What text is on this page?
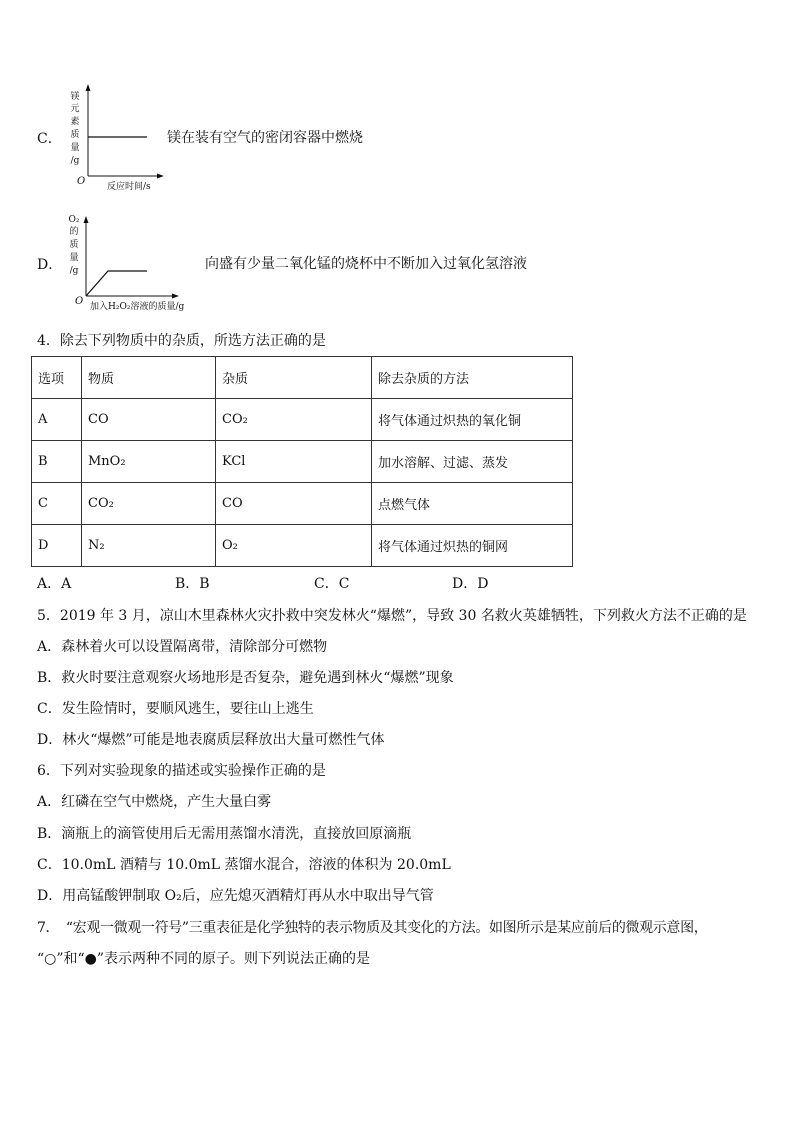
C．
镁
元
素
质
量
/g
O 反应时间/s
镁在装有空气的密闭容器中燃烧
D．
O₂
的
质
量
/g
O 加入H₂O₂溶液的质量/g
向盛有少量二氧化锰的烧杯中不断加入过氧化氢溶液
4．除去下列物质中的杂质，所选方法正确的是
选项	物质	杂质	除去杂质的方法
A	CO	CO₂	将气体通过炽热的氧化铜
B	MnO₂	KCl	加水溶解、过滤、蒸发
C	CO₂	CO	点燃气体
D	N₂	O₂	将气体通过炽热的铜网
A．A	B．B	C．C	D．D
5．2019 年 3 月，凉山木里森林火灾扑救中突发林火“爆燃”，导致 30 名救火英雄牺牲，下列救火方法不正确的是
A．森林着火可以设置隔离带，清除部分可燃物
B．救火时要注意观察火场地形是否复杂，避免遇到林火“爆燃”现象
C．发生险情时，要顺风逃生，要往山上逃生
D．林火“爆燃”可能是地表腐质层释放出大量可燃性气体
6．下列对实验现象的描述或实验操作正确的是
A．红磷在空气中燃烧，产生大量白雾
B．滴瓶上的滴管使用后无需用蒸馏水清洗，直接放回原滴瓶
C．10.0mL 酒精与 10.0mL 蒸馏水混合，溶液的体积为 20.0mL
D．用高锰酸钾制取 O₂后，应先熄灭酒精灯再从水中取出导气管
7．　“宏观一微观一符号”三重表征是化学独特的表示物质及其变化的方法。如图所示是某应前后的微观示意图，
“○”和“●”表示两种不同的原子。则下列说法正确的是
